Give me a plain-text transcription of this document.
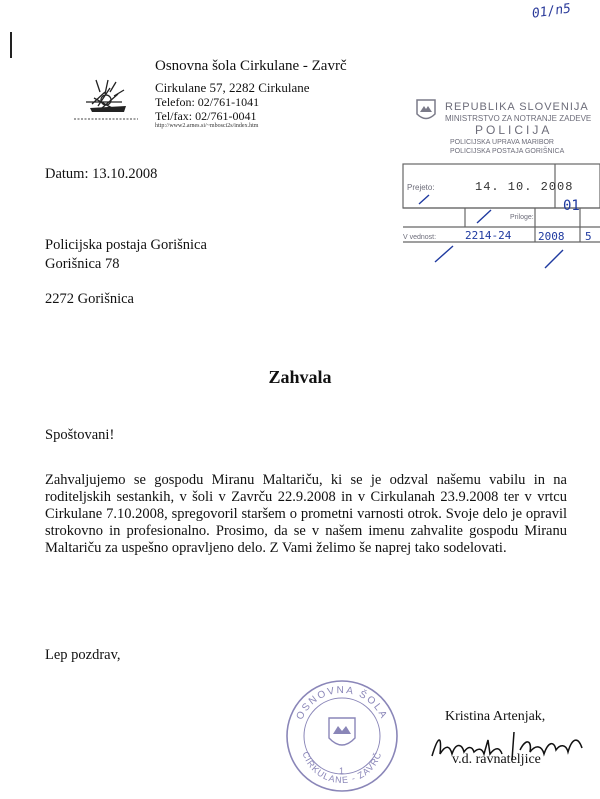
01/n5
Osnovna šola Cirkulane - Zavrč
Cirkulane 57, 2282 Cirkulane
Telefon: 02/761-1041
Tel/fax: 02/761-0041
http://www2.arnes.si/~mbosci2s/index.htm
REPUBLIKA SLOVENIJA
MINISTRSTVO ZA NOTRANJE ZADEVE
POLICIJA
POLICIJSKA UPRAVA MARIBOR
POLICIJSKA POSTAJA GORIŠNICA
Prejeto:	14. 10. 2008
01
Priloge:
V vednost:	2214-24 2008 5
Datum: 13.10.2008
Policijska postaja Gorišnica
Gorišnica 78
2272 Gorišnica
Zahvala
Spoštovani!
Zahvaljujemo se gospodu Miranu Maltariču, ki se je odzval našemu vabilu in na roditeljskih sestankih, v šoli v Zavrču 22.9.2008 in v Cirkulanah 23.9.2008 ter v vrtcu Cirkulane 7.10.2008, spregovoril staršem o prometni varnosti otrok. Svoje delo je opravil strokovno in profesionalno. Prosimo, da se v našem imenu zahvalite gospodu Miranu Maltariču za uspešno opravljeno delo. Z Vami želimo še naprej tako sodelovati.
Lep pozdrav,
OSNOVNA ŠOLA
CIRKULANE - ZAVRČ
1
Kristina Artenjak,
v.d. ravnateljice
